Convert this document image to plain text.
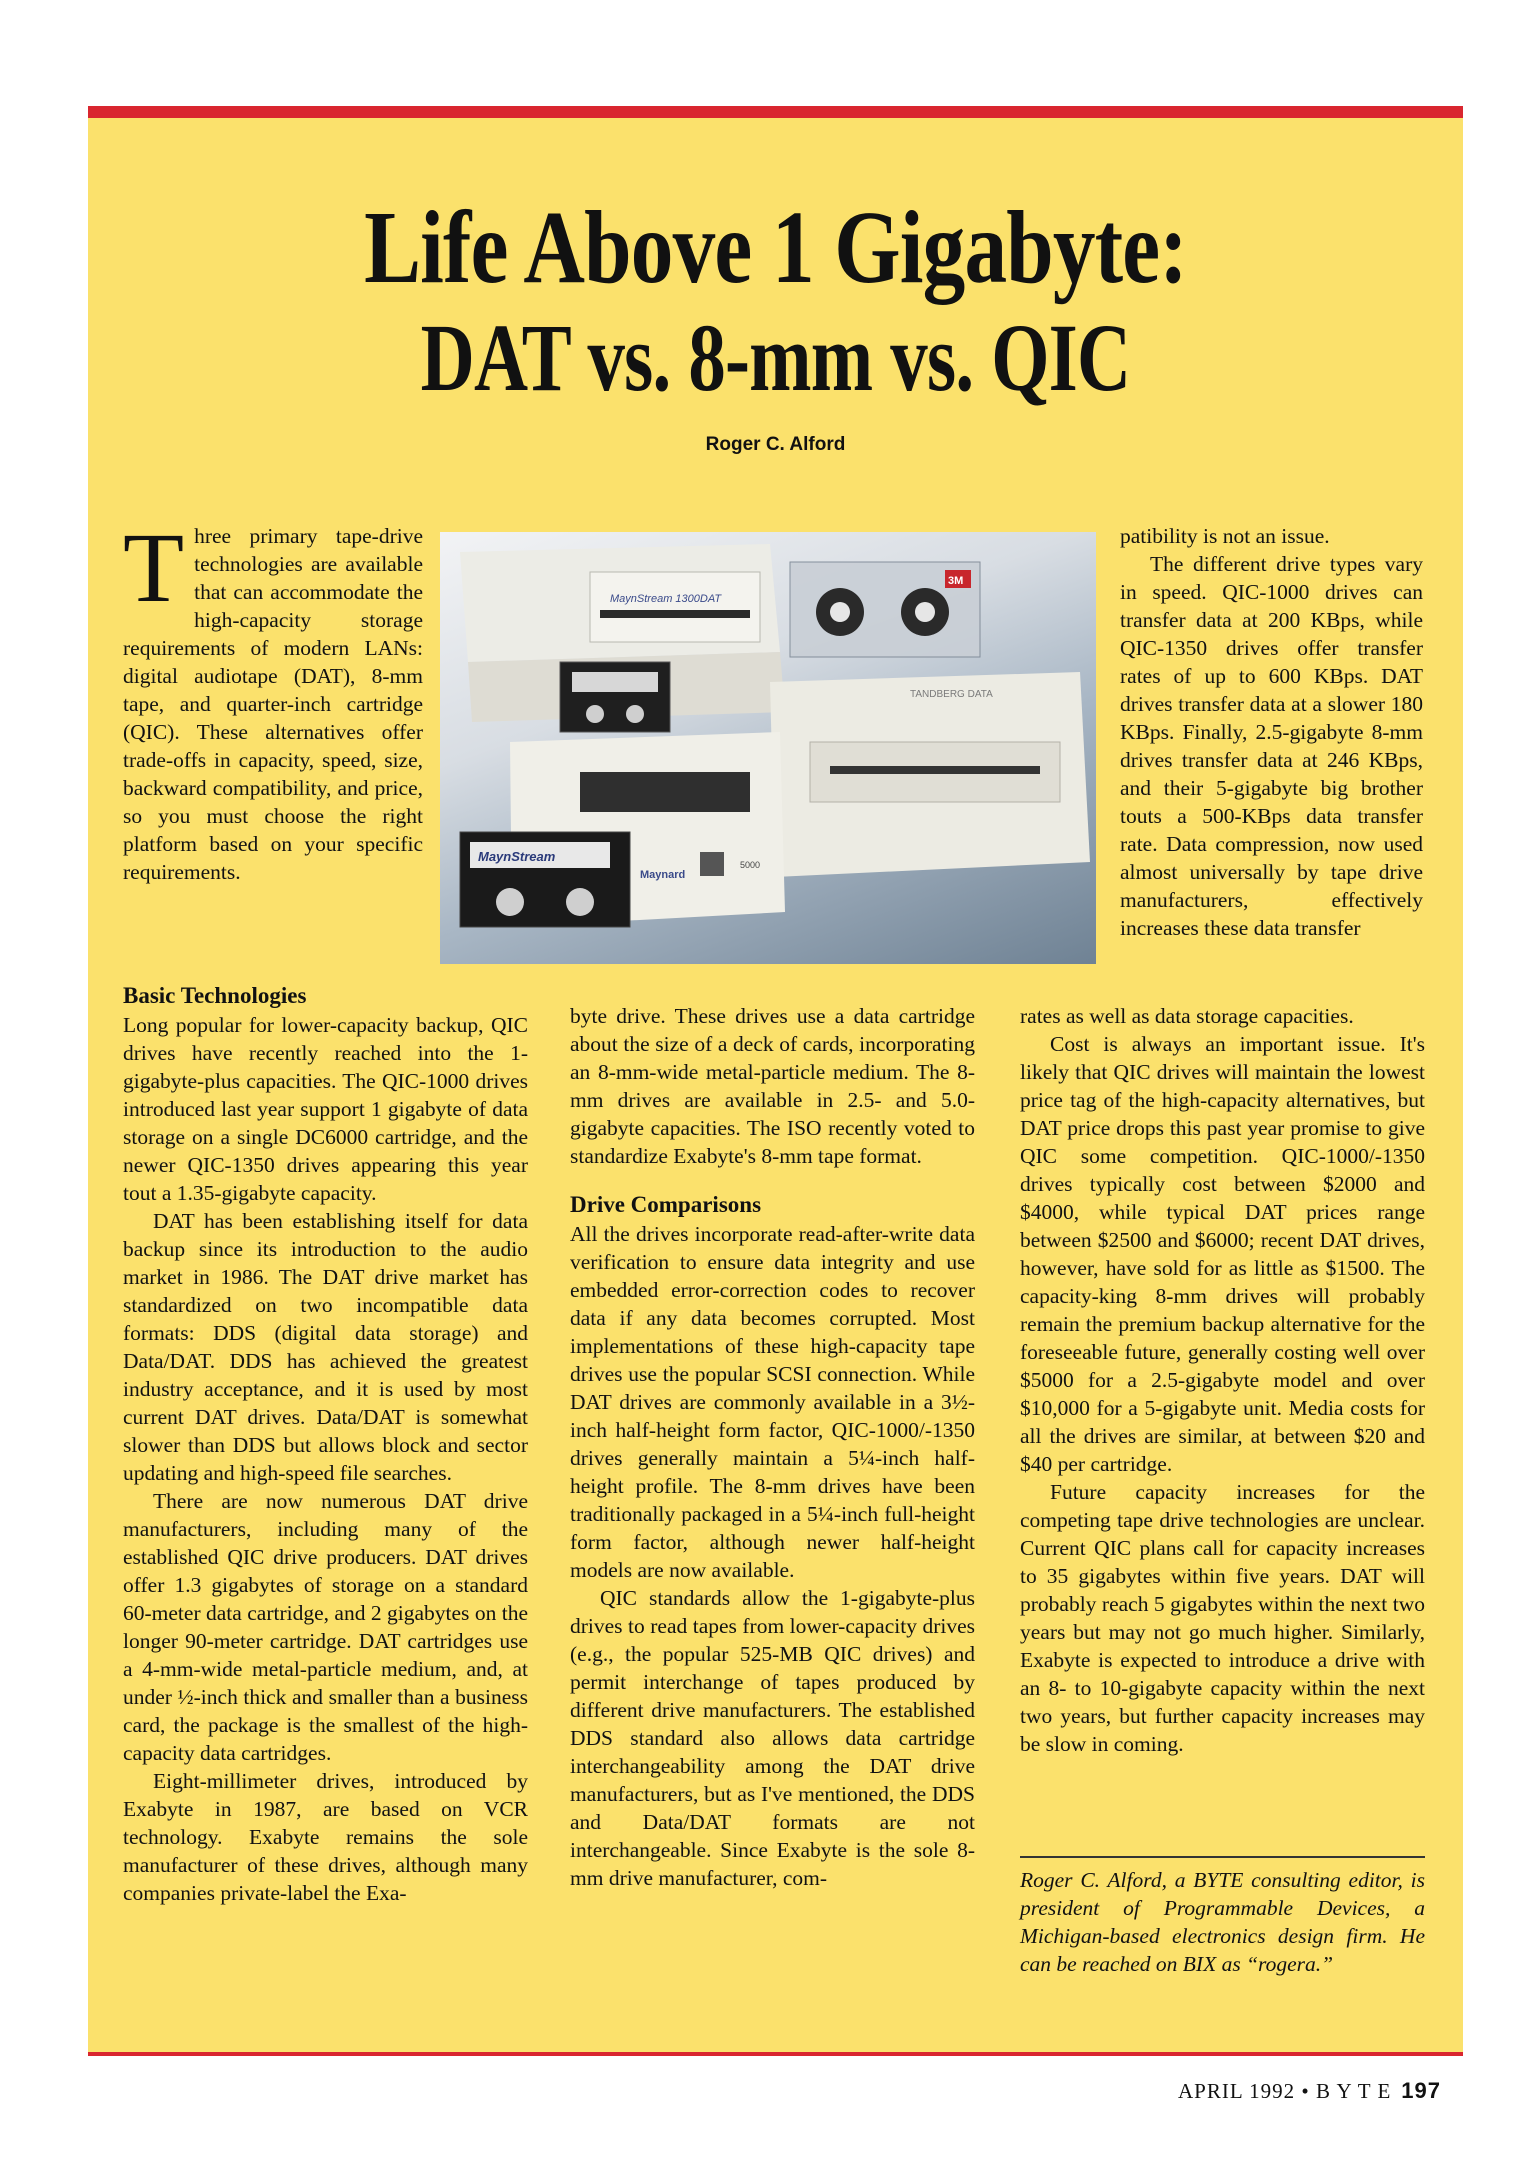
Life Above 1 Gigabyte:
DAT vs. 8-mm vs. QIC
Roger C. Alford

Three primary tape-drive technologies are available that can accommodate the high-capacity storage requirements of modern LANs: digital audiotape (DAT), 8-mm tape, and quarter-inch cartridge (QIC). These alternatives offer trade-offs in capacity, speed, size, backward compatibility, and price, so you must choose the right platform based on your specific requirements.

MaynStream 1300DAT
3M
TANDBERG DATA
Maynard
5000
MaynStream
Basic Technologies

Long popular for lower-capacity backup, QIC drives have recently reached into the 1-gigabyte-plus capacities. The QIC-1000 drives introduced last year support 1 gigabyte of data storage on a single DC6000 cartridge, and the newer QIC-1350 drives appearing this year tout a 1.35-gigabyte capacity.

DAT has been establishing itself for data backup since its introduction to the audio market in 1986. The DAT drive market has standardized on two incompatible data formats: DDS (digital data storage) and Data/DAT. DDS has achieved the greatest industry acceptance, and it is used by most current DAT drives. Data/DAT is somewhat slower than DDS but allows block and sector updating and high-speed file searches.

There are now numerous DAT drive manufacturers, including many of the established QIC drive producers. DAT drives offer 1.3 gigabytes of storage on a standard 60-meter data cartridge, and 2 gigabytes on the longer 90-meter cartridge. DAT cartridges use a 4-mm-wide metal-particle medium, and, at under ½-inch thick and smaller than a business card, the package is the smallest of the high-capacity data cartridges.

Eight-millimeter drives, introduced by Exabyte in 1987, are based on VCR technology. Exabyte remains the sole manufacturer of these drives, although many companies private-label the Exa-

byte drive. These drives use a data cartridge about the size of a deck of cards, incorporating an 8-mm-wide metal-particle medium. The 8-mm drives are available in 2.5- and 5.0-gigabyte capacities. The ISO recently voted to standardize Exabyte's 8-mm tape format.

Drive Comparisons

All the drives incorporate read-after-write data verification to ensure data integrity and use embedded error-correction codes to recover data if any data becomes corrupted. Most implementations of these high-capacity tape drives use the popular SCSI connection. While DAT drives are commonly available in a 3½-inch half-height form factor, QIC-1000/-1350 drives generally maintain a 5¼-inch half-height profile. The 8-mm drives have been traditionally packaged in a 5¼-inch full-height form factor, although newer half-height models are now available.

QIC standards allow the 1-gigabyte-plus drives to read tapes from lower-capacity drives (e.g., the popular 525-MB QIC drives) and permit interchange of tapes produced by different drive manufacturers. The established DDS standard also allows data cartridge interchangeability among the DAT drive manufacturers, but as I've mentioned, the DDS and Data/DAT formats are not interchangeable. Since Exabyte is the sole 8-mm drive manufacturer, com-

patibility is not an issue.

The different drive types vary in speed. QIC-1000 drives can transfer data at 200 KBps, while QIC-1350 drives offer transfer rates of up to 600 KBps. DAT drives transfer data at a slower 180 KBps. Finally, 2.5-gigabyte 8-mm drives transfer data at 246 KBps, and their 5-gigabyte big brother touts a 500-KBps data transfer rate. Data compression, now used almost universally by tape drive manufacturers, effectively increases these data transfer

rates as well as data storage capacities.

Cost is always an important issue. It's likely that QIC drives will maintain the lowest price tag of the high-capacity alternatives, but DAT price drops this past year promise to give QIC some competition. QIC-1000/-1350 drives typically cost between $2000 and $4000, while typical DAT prices range between $2500 and $6000; recent DAT drives, however, have sold for as little as $1500. The capacity-king 8-mm drives will probably remain the premium backup alternative for the foreseeable future, generally costing well over $5000 for a 2.5-gigabyte model and over $10,000 for a 5-gigabyte unit. Media costs for all the drives are similar, at between $20 and $40 per cartridge.

Future capacity increases for the competing tape drive technologies are unclear. Current QIC plans call for capacity increases to 35 gigabytes within five years. DAT will probably reach 5 gigabytes within the next two years but may not go much higher. Similarly, Exabyte is expected to introduce a drive with an 8- to 10-gigabyte capacity within the next two years, but further capacity increases may be slow in coming.

Roger C. Alford, a BYTE consulting editor, is president of Programmable Devices, a Michigan-based electronics design firm. He can be reached on BIX as “rogera.”
APRIL 1992 • B Y T E 197
